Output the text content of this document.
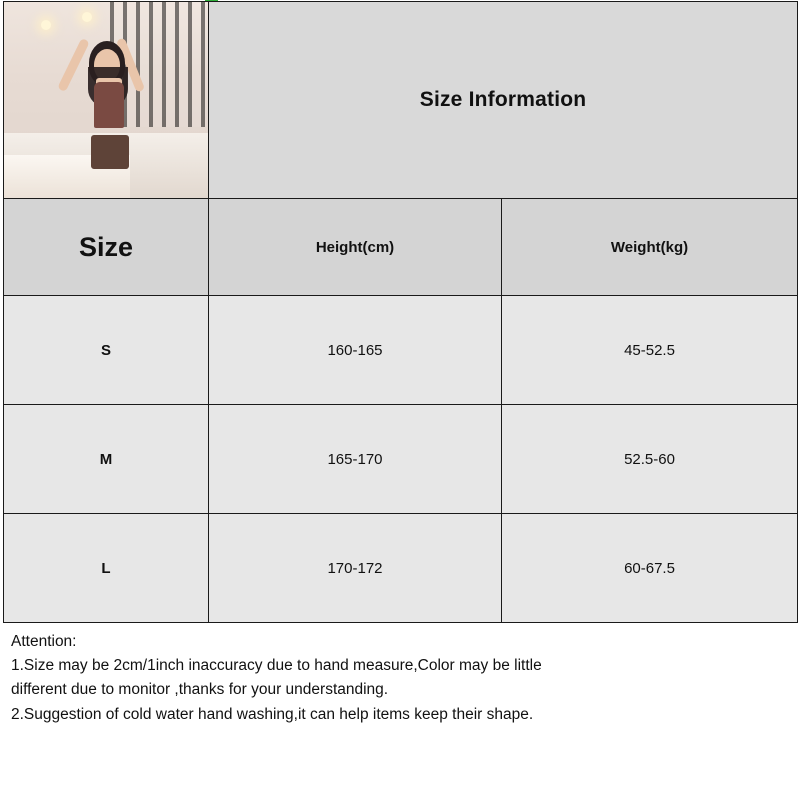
	Size Information	
Size	Height(cm)	Weight(kg)
S	160-165	45-52.5
M	165-170	52.5-60
L	170-172	60-67.5

Attention:

1.Size may be 2cm/1inch inaccuracy due to hand measure,Color may be little

different due to monitor ,thanks for your understanding.

2.Suggestion of cold water hand washing,it can help items keep their shape.
